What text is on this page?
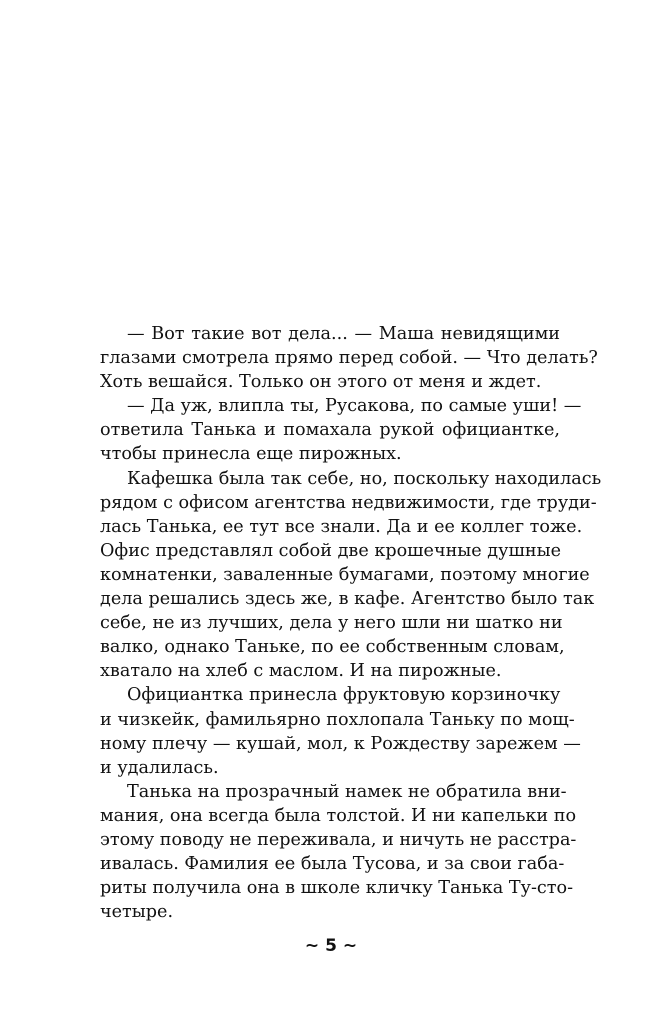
— Вот такие вот дела... — Маша невидящими
глазами смотрела прямо перед собой. — Что делать?
Хоть вешайся. Только он этого от меня и ждет.
— Да уж, влипла ты, Русакова, по самые уши! —
ответила Танька и помахала рукой официантке,
чтобы принесла еще пирожных.
Кафешка была так себе, но, поскольку находилась
рядом с офисом агентства недвижимости, где труди-
лась Танька, ее тут все знали. Да и ее коллег тоже.
Офис представлял собой две крошечные душные
комнатенки, заваленные бумагами, поэтому многие
дела решались здесь же, в кафе. Агентство было так
себе, не из лучших, дела у него шли ни шатко ни
валко, однако Таньке, по ее собственным словам,
хватало на хлеб с маслом. И на пирожные.
Официантка принесла фруктовую корзиночку
и чизкейк, фамильярно похлопала Таньку по мощ-
ному плечу — кушай, мол, к Рождеству зарежем —
и удалилась.
Танька на прозрачный намек не обратила вни-
мания, она всегда была толстой. И ни капельки по
этому поводу не переживала, и ничуть не расстра-
ивалась. Фамилия ее была Тусова, и за свои габа-
риты получила она в школе кличку Танька Ту-сто-
четыре.
~ 5 ~
